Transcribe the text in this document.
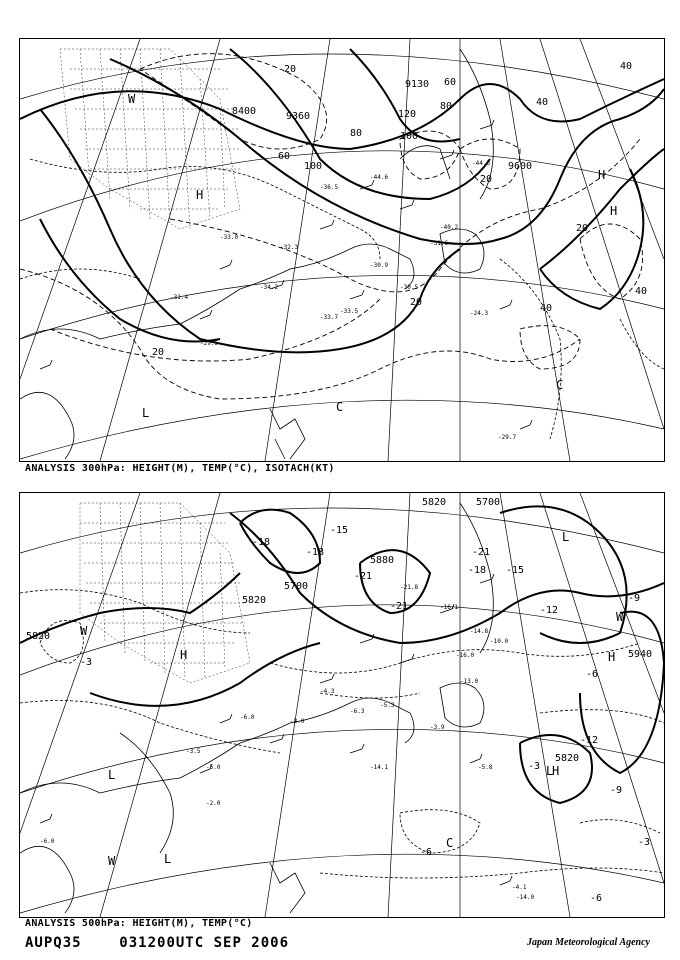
8400	9360
9130
9600
20
20
20
20
20
40
40
40
40
60
60
80
80
100
100
120
W
H
H
H
L	C
C
-29.7
-24.3
-33.5
-34.2
-29.5
-30.9
-31.6
-36.5
-44.6
-40.2
-32.3
-33.0
-44.3
-31.4
-33.7
-30.5
ANALYSIS 300hPa: HEIGHT(M), TEMP(°C), ISOTACH(KT)
5820
5700
5820
5820
5940
5880
5820	5700
-18
-21
-21
-18 -15
-12
-9
-6
-6
-6
-3
-3
-3
-9
-12
-15
-18
-21
W
H
L
L
W
L
H
W
C
L
H
-5.8
-4.1
-3.5
-2.0
-6.0
-8.0
-6.3
-4.3
-5.3
-3.9
-16.0
-13.0
-21.8
-16.1
-14.8
-10.0
-5.0
-6.0
-14.0
-14.1
ANALYSIS 500hPa: HEIGHT(M), TEMP(°C)
AUPQ35	031200UTC SEP 2006	Japan Meteorological Agency
